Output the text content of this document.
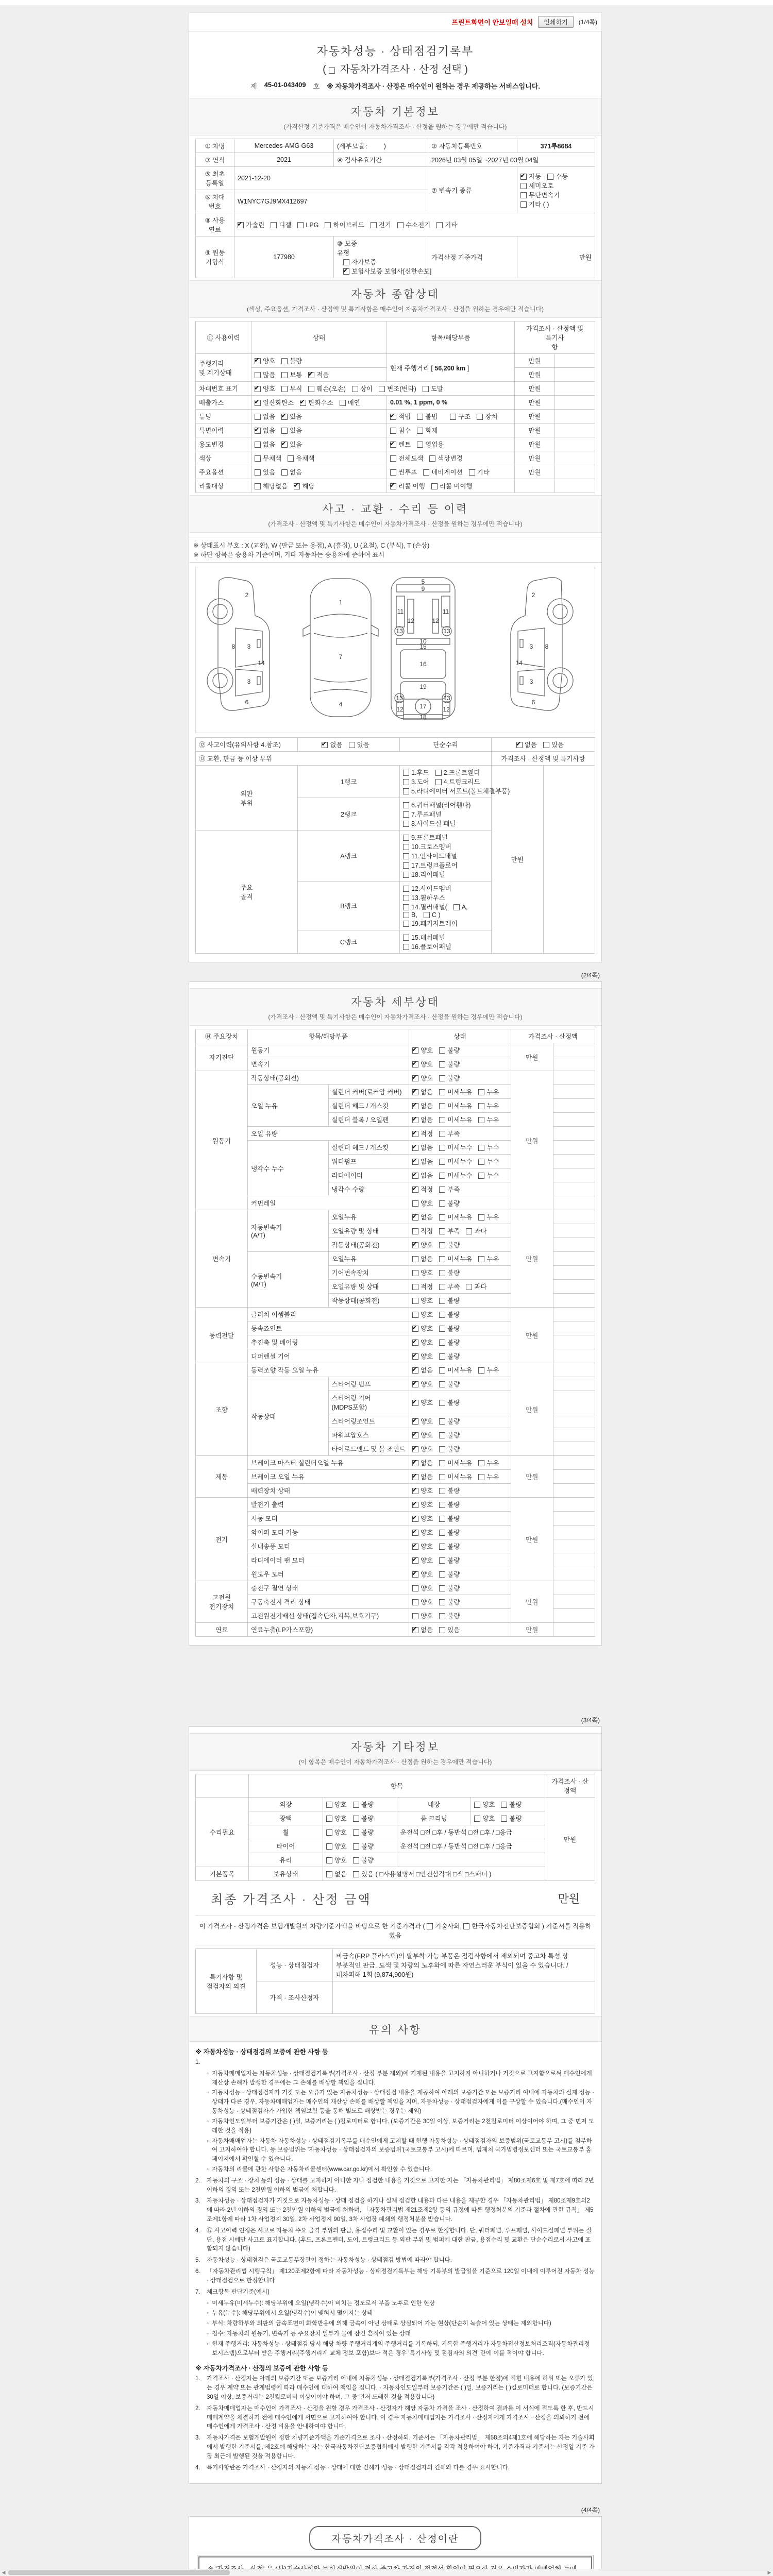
프린트화면이 안보일때 설치	인쇄하기	(1/4쪽)
자동차성능 · 상태점검기록부
( 자동차가격조사 · 산정 선택 )
제 45-01-043409 호 ※ 자동차가격조사 · 산정은 매수인이 원하는 경우 제공하는 서비스입니다.
자동차 기본정보
(가격산정 기준가격은 매수인이 자동차가격조사 · 산정을 원하는 경우에만 적습니다)
① 차명	Mercedes-AMG G63	(세부모델 : )	② 자동차등록번호	371루8684
③ 연식	2021	④ 검사유효기간	2026년 03월 05일 ~2027년 03월 04일	
⑤ 최초
등록일	2021-12-20		⑦ 변속기 종류	✔자동 수동세미오토무단변속기기타 ( )
⑥ 차대
번호	W1NYC7GJ9MX412697			
⑧ 사용
연료	✔가솔린 디젤 LPG 하이브리드 전기 수소전기 기타
⑨ 원동
기형식	177980	⑩ 보증
유형 자가보증✔보험사보증 보험사[신한손보]	가격산정 기준가격	만원
자동차 종합상태
(색상, 주요옵션, 가격조사 · 산정액 및 특기사항은 매수인이 자동차가격조사 · 산정을 원하는 경우에만 적습니다)
⑪ 사용이력	상태	항목/해당부품	가격조사 · 산정액 및 특기사
항	
주행거리
및 계기상태	✔양호 불량	현재 주행거리 [ 56,200 km ]	만원	
	많음 보통 ✔ 적음		만원	
차대번호 표기	✔양호 부식 훼손(오손) 상이 변조(변타) 도말		만원	
배출가스	✔일산화탄소 ✔ 탄화수소 매연	0.01 %, 1 ppm, 0 %	만원	
튜닝	없음 ✔ 있음	✔적법 불법 구조 장치	만원	
특별이력	✔없음 있음	침수 화재	만원	
용도변경	없음 ✔ 있음	✔렌트 영업용	만원	
색상	무채색 유채색	전체도색 색상변경	만원	
주요옵션	있음 없음	썬루프 네비게이션 기타	만원	
리콜대상	해당없음 ✔ 해당	✔리콜 이행 리콜 미이행		
사고 · 교환 · 수리 등 이력
(가격조사 · 산정액 및 특기사항은 매수인이 자동차가격조사 · 산정을 원하는 경우에만 적습니다)
※ 상태표시 부호 : X (교환), W (판금 또는 용접), A (흠집), U (요철), C (부식), T (손상)
※ 하단 항목은 승용차 기준이며, 기타 자동차는 승용차에 준하여 표시
2
3
3
8
14
6
1
7
4
5
9
11	11
12	12
13	13
10
15
16
19
13	13
12	12
17
18
2
3
3
8
14
6
⑫ 사고이력(유의사항 4.참조)	✔없음 있음	단순수리	✔없음 있음
⑬ 교환, 판금 등 이상 부위			가격조사 · 산정액 및 특기사항	
외판
부위	1랭크	1.후드 2.프론트휀더3.도어 4.트렁크리드5.라디에이터 서포트(볼트체결부품)	만원	
	2랭크	6.쿼터패널(리어휀다)7.루프패널8.사이드실 패널		
주요
골격	A랭크	9.프론트패널10.크로스멤버11.인사이드패널17.트렁크플로어18.리어패널		
	B랭크	12.사이드멤버13.휠하우스14.필러패널( A,B, C )19.패키지트레이		
	C랭크	15.대쉬패널16.플로어패널		
(2/4쪽)
자동차 세부상태
(가격조사 · 산정액 및 특기사항은 매수인이 자동차가격조사 · 산정을 원하는 경우에만 적습니다)
⑭ 주요장치	항목/해당부품		상태	가격조사 · 산정액	
자기진단	원동기	✔양호 불량	만원	
	변속기	✔양호 불량	
원동기	작동상태(공회전)	✔양호 불량	만원	
	오일 누유	실린더 커버(로커암 커버)	✔없음 미세누유 누유	
		실린더 헤드 / 개스킷	✔없음 미세누유 누유	
		실린더 블록 / 오일팬	✔없음 미세누유 누유	
	오일 유량	✔적정 부족	
	냉각수 누수	실린더 헤드 / 개스킷	✔없음 미세누수 누수	
		워터펌프	✔없음 미세누수 누수	
		라디에이터	✔없음 미세누수 누수	
		냉각수 수량	✔적정 부족	
	커먼레일		양호 불량		
변속기	자동변속기
(A/T)	오일누유	✔없음 미세누유 누유	만원	
		오일유량 및 상태	적정 부족 과다		
		작동상태(공회전)	✔양호 불량	
	수동변속기
(M/T)	오일누유	없음 미세누유 누유		
		기어변속장치	양호 불량		
		오일유량 및 상태	적정 부족 과다		
		작동상태(공회전)	양호 불량		
동력전달	클러치 어셈블리		양호 불량	만원	
	등속죠인트	✔양호 불량	
	추진축 및 베어링	✔양호 불량	
	디퍼렌셜 기어	✔양호 불량	
조향	동력조향 작동 오일 누유	✔없음 미세누유 누유	만원	
	작동상태	스티어링 펌프	✔양호 불량	
		스티어링 기어(MDPS포함)	✔양호 불량	
		스티어링조인트	✔양호 불량	
		파워고압호스	✔양호 불량	
		타이로드엔드 및 볼 죠인트	✔양호 불량	
제동	브레이크 마스터 실린더오일 누유	✔없음 미세누유 누유	만원	
	브레이크 오일 누유	✔없음 미세누유 누유	
	배력장치 상태	✔양호 불량	
전기	발전기 출력	✔양호 불량	만원	
	시동 모터	✔양호 불량	
	와이퍼 모터 기능	✔양호 불량	
	실내송풍 모터	✔양호 불량	
	라디에이터 팬 모터	✔양호 불량	
	윈도우 모터	✔양호 불량	
고전원
전기장치	충전구 절연 상태		양호 불량	만원	
	구동축전지 격리 상태		양호 불량		
	고전원전기배선 상태(접속단자,피복,보호기구)		양호 불량		
연료	연료누출(LP가스포함)	✔없음 있음	만원	
(3/4쪽)
자동차 기타정보
(이 항목은 매수인이 자동차가격조사 · 산정을 원하는 경우에만 적습니다)
	항목				가격조사 · 산 정액
수리필요	외장	양호 불량	내장	양호 불량	만원
	광택	양호 불량	룸 크리닝	양호 불량	
	휠	양호 불량	운전석 □전 □후 / 동반석 □전 □후 / □응급		
	타이어	양호 불량	운전석 □전 □후 / 동반석 □전 □후 / □응급		
	유리	양호 불량			
기본품목	보유상태	없음 있음 ( □사용설명서 □안전삼각대 □잭 □스패너 )			
최종 가격조사 · 산정 금액	만원
이 가격조사 · 산정가격은 보험개발원의 차량기준가액을 바탕으로 한 기준가격과 ( 기술사회, 한국자동차진단보증협회 ) 기준서를 적용하였음
특기사항 및
점검자의 의견	성능 · 상태점검자	비금속(FRP 플라스틱)의 탈부착 가능 부품은 점검사항에서 제외되며 중고차 특성 상 부분적인 판금, 도색 및 차량의 노후화에 따른 자연스러운 부식이 있을 수 있습니다. / 내차피해 1회 (9,874,900원)
	가격 · 조사산정자	
유의 사항
※ 자동차성능 · 상태점검의 보증에 관한 사항 등
1.
◦ 자동차매매업자는 자동차성능 · 상태점검기록부(가격조사 · 산정 부분 제외)에 기재된 내용을 고지하지 아니하거나 거짓으로 고지함으로써 매수인에게 재산상 손해가 발생한 경우에는 그 손해를 배상할 책임을 집니다.
◦ 자동차성능 · 상태점검자가 거짓 또는 오류가 있는 자동차성능 · 상태점검 내용을 제공하여 아래의 보증기간 또는 보증거리 이내에 자동차의 실제 성능 · 상태가 다른 경우, 자동차매매업자는 매수인의 재산상 손해를 배상할 책임을 지며, 자동차성능 · 상태점검자에게 이를 구상할 수 있습니다.(매수인이 자동차성능 · 상태점검자가 가입한 책임보험 등을 통해 별도로 배상받는 경우는 제외)
◦ 자동차인도일부터 보증기간은 ( )일, 보증거리는 ( )킬로미터로 합니다. (보증기간은 30일 이상, 보증거리는 2천킬로미터 이상이어야 하며, 그 중 먼저 도래한 것을 적용)
◦ 자동차매매업자는 자동차 자동차성능 · 상태점검기록부를 매수인에게 고지할 때 현행 자동차성능 · 상태점검자의 보증범위(국토교통부 고시)를 첨부하여 고지하여야 합니다. 동 보증범위는 '자동차성능 · 상태점검자의 보증범위'(국토교통부 고시)에 따르며, 법제처 국가법령정보센터 또는 국토교통부 홈페이지에서 확인할 수 있습니다.
◦ 자동차의 리콜에 관한 사항은 자동차리콜센터(www.car.go.kr)에서 확인할 수 있습니다.
2.	자동차의 구조 · 장치 등의 성능 · 상태를 고지하지 아니한 자나 점검한 내용을 거짓으로 고지한 자는 「자동차관리법」 제80조제6호 및 제7호에 따라 2년 이하의 징역 또는 2천만원 이하의 벌금에 처합니다.
3.	자동차성능 · 상태점검자가 거짓으로 자동차성능 · 상태 점검을 하거나 실제 점검한 내용과 다른 내용을 제공한 경우 「자동차관리법」 제80조제9호의2에 따라 2년 이하의 징역 또는 2천만원 이하의 벌금에 처하며, 「자동차관리법 제21조제2항 등의 규정에 따른 행정처분의 기준과 절차에 관한 규칙」 제5조제1항에 따라 1차 사업정지 30일, 2차 사업정지 90일, 3차 사업장 폐쇄의 행정처분을 받습니다.
4.	⑫ 사고이력 인정은 사고로 자동차 주요 골격 부위의 판금, 용접수리 및 교환이 있는 경우로 한정합니다. 단, 쿼터패널, 루프패널, 사이드실패널 부위는 절단, 용접 시에만 사고로 표기합니다. (후드, 프론트펜더, 도어, 트렁크리드 등 외판 부위 및 범퍼에 대한 판금, 용접수리 및 교환은 단순수리로서 사고에 포함되지 않습니다)
5.	자동차성능 · 상태점검은 국토교통부장관이 정하는 자동차성능 · 상태점검 방법에 따라야 합니다.
6.	「자동차관리법 시행규칙」 제120조제2항에 따라 자동차성능 · 상태점검기록부는 해당 기록부의 발급일을 기준으로 120일 이내에 이루어진 자동차 성능 · 상태점검으로 한정합니다
7.	체크항목 판단기준(예시)
◦ 미세누유(미세누수): 해당부위에 오일(냉각수)이 비치는 정도로서 부품 노후로 인한 현상
◦ 누유(누수): 해당부위에서 오일(냉각수)이 맺혀서 떨어지는 상태
◦ 부식: 차량하부와 외판의 금속표면이 화학반응에 의해 금속이 아닌 상태로 상실되어 가는 현상(단순히 녹슬어 있는 상태는 제외합니다)
◦ 침수: 자동차의 원동기, 변속기 등 주요장치 일부가 물에 잠긴 흔적이 있는 상태
◦ 현재 주행거리: 자동차성능 · 상태점검 당시 해당 차량 주행거리계의 주행거리를 기록하되, 기록한 주행거리가 자동차전산정보처리조직(자동차관리정보시스템)으로부터 받은 주행거리(주행거리계 교체 정보 포함)보다 적은 경우 '특기사항 및 점검자의 의견' 란에 이를 적어야 합니다.
※ 자동차가격조사 · 산정의 보증에 관한 사항 등
1.	가격조사 · 산정자는 아래의 보증기간 또는 보증거리 이내에 자동차성능 · 상태점검기록부(가격조사 · 산정 부분 한정)에 적힌 내용에 허위 또는 오류가 있는 경우 계약 또는 관계법령에 따라 매수인에 대하여 책임을 집니다. · 자동차인도일부터 보증기간은 ( )일, 보증거리는 ( )킬로미터로 합니다. (보증기간은 30일 이상, 보증거리는 2천킬로미터 이상이어야 하며, 그 중 먼저 도래한 것을 적용합니다)
2.	자동차매매업자는 매수인이 가격조사 · 산정을 원할 경우 가격조사 · 산정자가 해당 자동차 가격을 조사 · 산정하여 결과를 이 서식에 적도록 한 후, 반드시 매매계약을 체결하기 전에 매수인에게 서면으로 고지하여야 합니다. 이 경우 자동차매매업자는 가격조사 · 산정자에게 가격조사 · 산정을 의뢰하기 전에 매수인에게 가격조사 · 산정 비용을 안내하여야 합니다.
3.	자동차가격은 보험개발원이 정한 차량기준가액을 기준가격으로 조사 · 산정하되, 기준서는 「자동차관리법」 제58조의4제1호에 해당하는 자는 기술사회에서 발행한 기준서를, 제2호에 해당하는 자는 한국자동차진단보증협회에서 발행한 기준서를 각각 적용하여야 하며, 기준가격과 기준서는 산정일 기준 가장 최근에 발행된 것을 적용합니다.
4.	특기사항란은 가격조사 · 산정자의 자동차 성능 · 상태에 대한 견해가 성능 · 상태점검자의 견해와 다를 경우 표시합니다.
(4/4쪽)
자동차가격조사 · 산정이란

◀	▶
